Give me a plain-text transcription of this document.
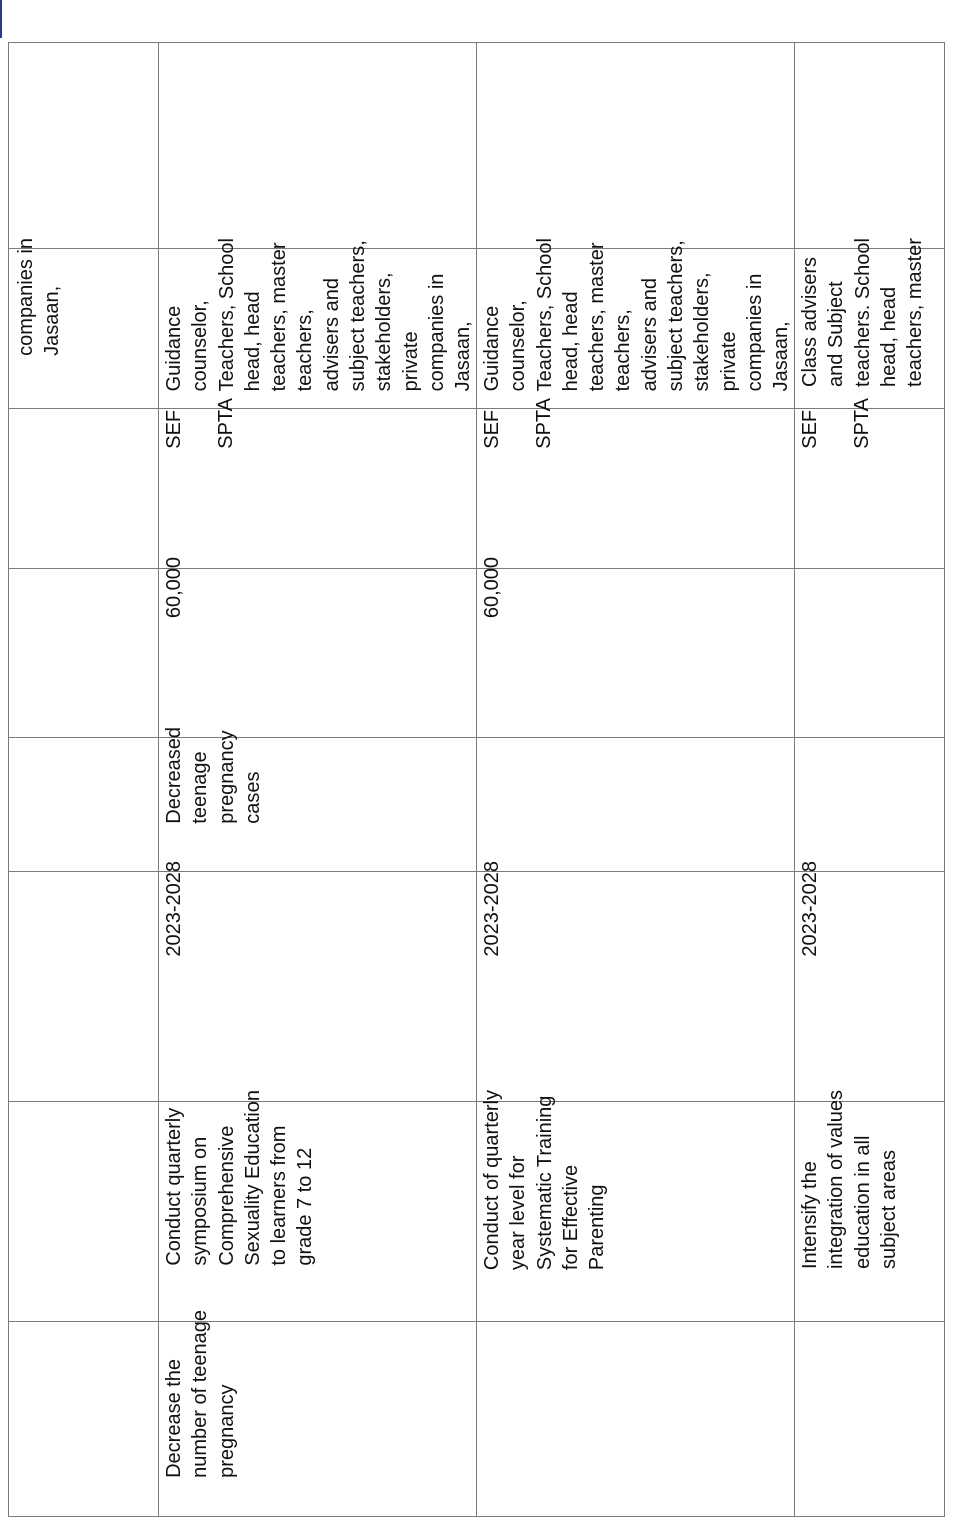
companies in Jasaan,
Decrease the number of teenage pregnancy
Conduct quarterly symposium on Comprehensive Sexuality Education to learners from grade 7 to 12
2023-2028
Decreased teenage pregnancy cases
60,000
SEF
SPTA
Guidance counselor, Teachers, School head, head teachers, master teachers, advisers and subject teachers, stakeholders, private companies in Jasaan,
Conduct of quarterly year level for Systematic Training for Effective Parenting
2023-2028
60,000
SEF
SPTA
Guidance counselor, Teachers, School head, head teachers, master teachers, advisers and subject teachers, stakeholders, private companies in Jasaan,
Intensify the integration of values education in all subject areas
2023-2028
SEF
SPTA
Class advisers and Subject teachers. School head, head teachers, master
